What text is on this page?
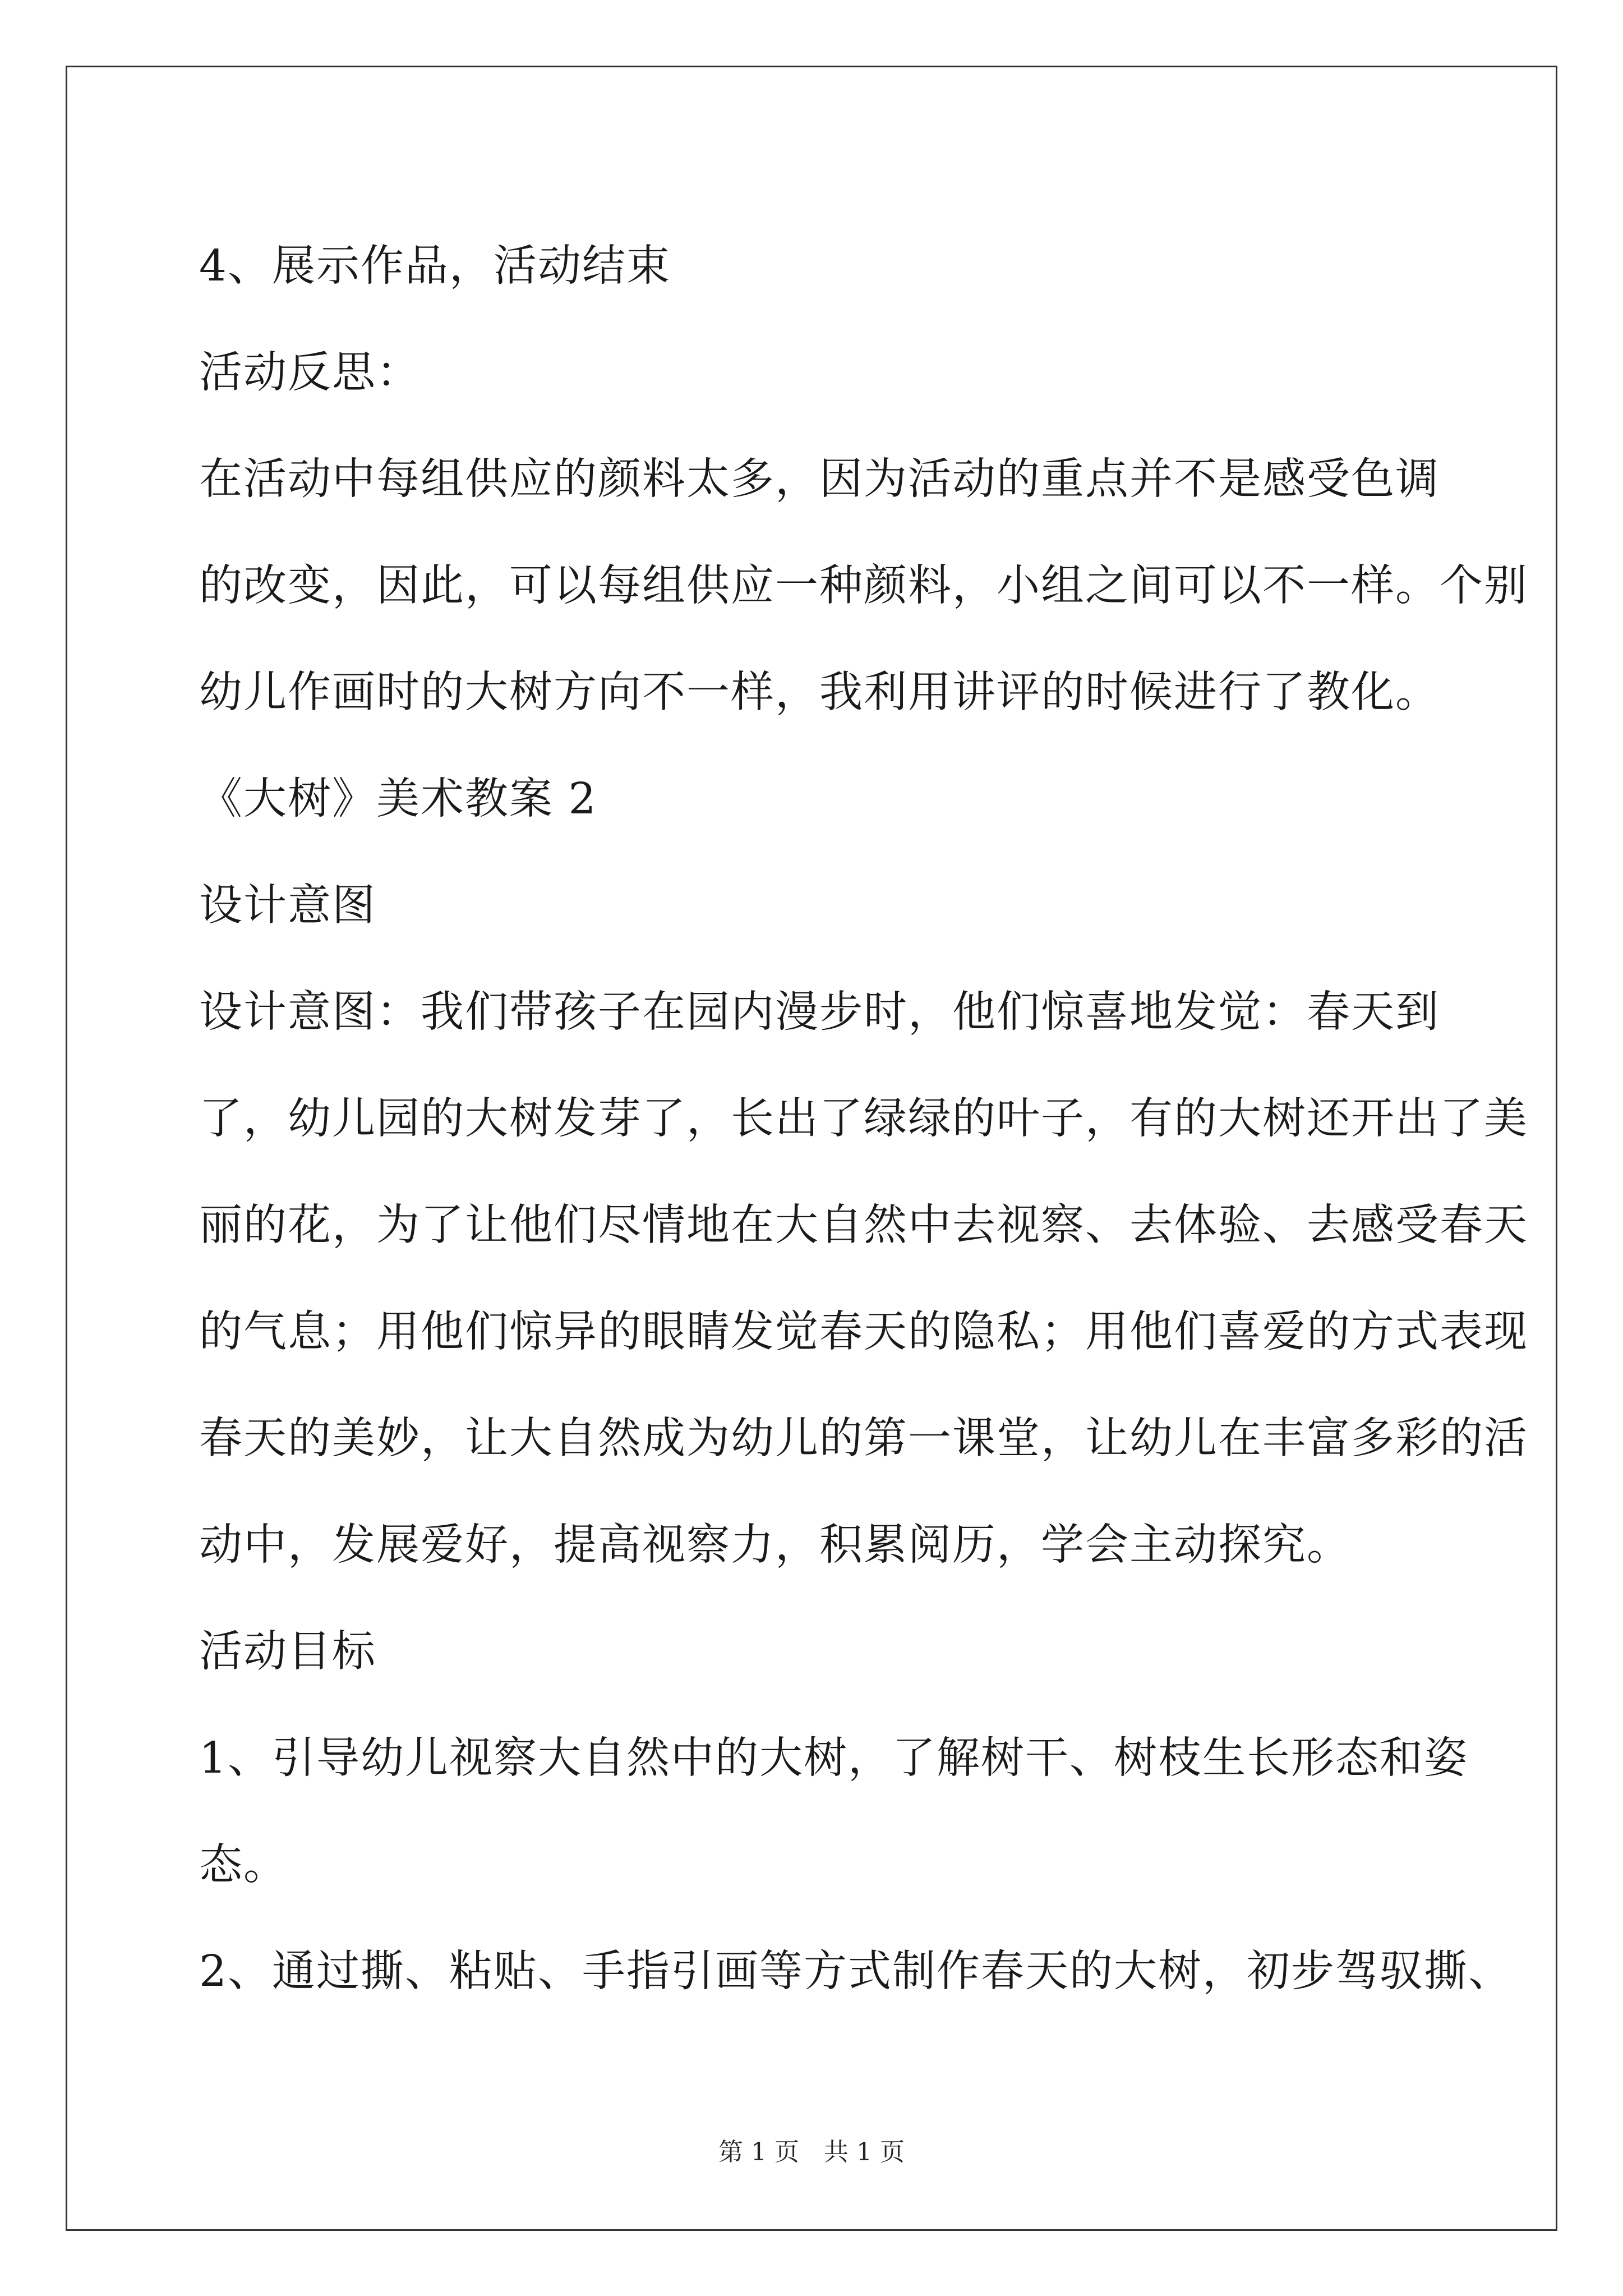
4、展示作品，活动结束
活动反思：
在活动中每组供应的颜料太多，因为活动的重点并不是感受色调
的改变，因此，可以每组供应一种颜料，小组之间可以不一样。个别
幼儿作画时的大树方向不一样，我利用讲评的时候进行了教化。
《大树》美术教案 2
设计意图
设计意图：我们带孩子在园内漫步时，他们惊喜地发觉：春天到
了，幼儿园的大树发芽了，长出了绿绿的叶子，有的大树还开出了美
丽的花，为了让他们尽情地在大自然中去视察、去体验、去感受春天
的气息；用他们惊异的眼睛发觉春天的隐私；用他们喜爱的方式表现
春天的美妙，让大自然成为幼儿的第一课堂，让幼儿在丰富多彩的活
动中，发展爱好，提高视察力，积累阅历，学会主动探究。
活动目标
1、引导幼儿视察大自然中的大树，了解树干、树枝生长形态和姿
态。
2、通过撕、粘贴、手指引画等方式制作春天的大树，初步驾驭撕、
第 1 页　共 1 页
